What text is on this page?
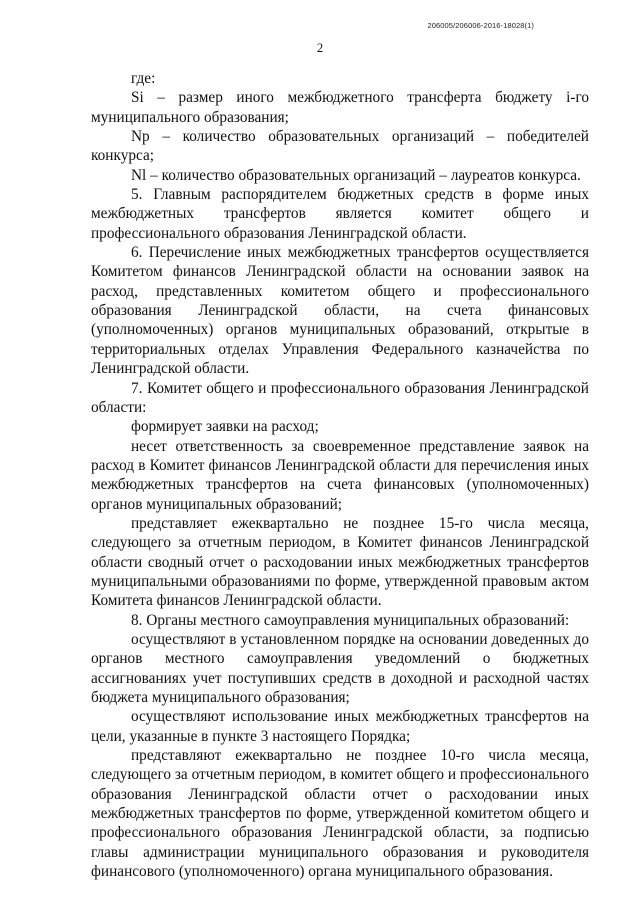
206005/206006-2016-18028(1)
2

где:

Si – размер иного межбюджетного трансферта бюджету i-го муниципального образования;

Np – количество образовательных организаций – победителей конкурса;

Nl – количество образовательных организаций – лауреатов конкурса.

5. Главным распорядителем бюджетных средств в форме иных межбюджетных трансфертов является комитет общего и профессионального образования Ленинградской области.

6. Перечисление иных межбюджетных трансфертов осуществляется Комитетом финансов Ленинградской области на основании заявок на расход, представленных комитетом общего и профессионального образования Ленинградской области, на счета финансовых (уполномоченных) органов муниципальных образований, открытые в территориальных отделах Управления Федерального казначейства по Ленинградской области.

7. Комитет общего и профессионального образования Ленинградской области:

формирует заявки на расход;

несет ответственность за своевременное представление заявок на расход в Комитет финансов Ленинградской области для перечисления иных межбюджетных трансфертов на счета финансовых (уполномоченных) органов муниципальных образований;

представляет ежеквартально не позднее 15-го числа месяца, следующего за отчетным периодом, в Комитет финансов Ленинградской области сводный отчет о расходовании иных межбюджетных трансфертов муниципальными образованиями по форме, утвержденной правовым актом Комитета финансов Ленинградской области.

8. Органы местного самоуправления муниципальных образований:

осуществляют в установленном порядке на основании доведенных до органов местного самоуправления уведомлений о бюджетных ассигнованиях учет поступивших средств в доходной и расходной частях бюджета муниципального образования;

осуществляют использование иных межбюджетных трансфертов на цели, указанные в пункте 3 настоящего Порядка;

представляют ежеквартально не позднее 10-го числа месяца, следующего за отчетным периодом, в комитет общего и профессионального образования Ленинградской области отчет о расходовании иных межбюджетных трансфертов по форме, утвержденной комитетом общего и профессионального образования Ленинградской области, за подписью главы администрации муниципального образования и руководителя финансового (уполномоченного) органа муниципального образования.
